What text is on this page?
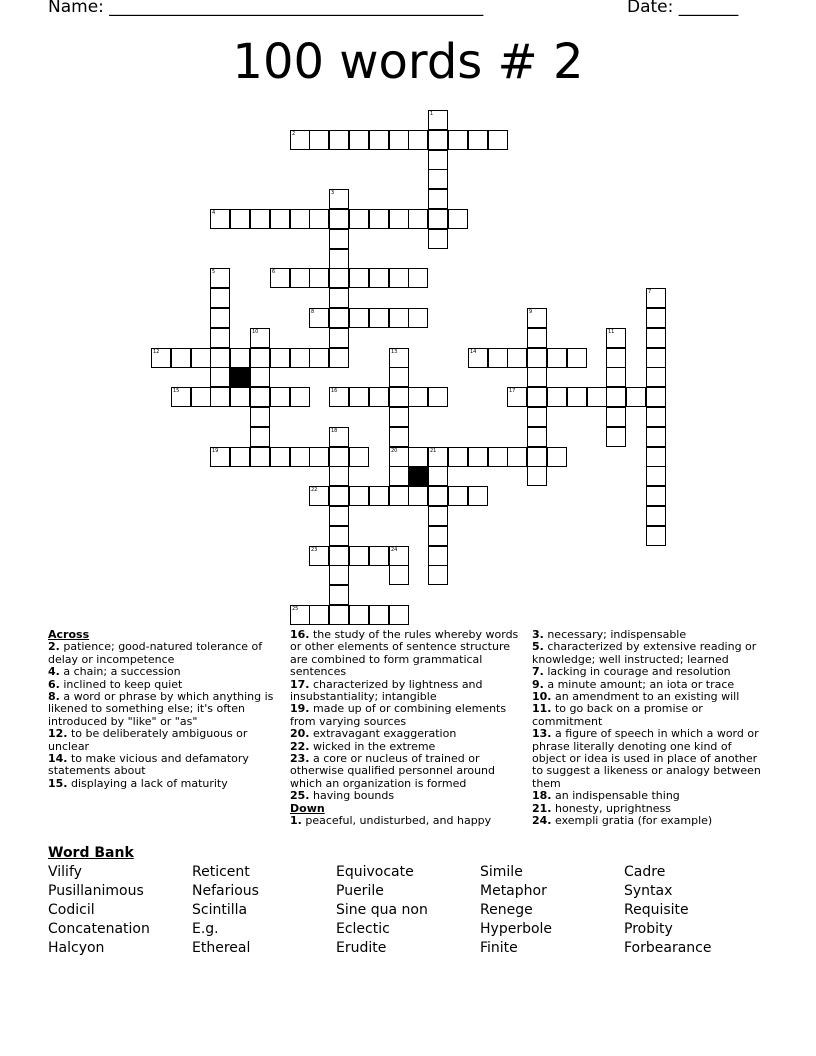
Name: ____________________________________________	Date: _______
100 words # 2
1
2
3
4
5	6
7
8	9
10	11
12	13
20
14
15	16	17
18
19	21
22
23	24
25
Across
2. patience; good-natured tolerance of delay or incompetence
4. a chain; a succession
6. inclined to keep quiet
8. a word or phrase by which anything is likened to something else; it's often introduced by "like" or "as"
12. to be deliberately ambiguous or unclear
14. to make vicious and defamatory statements about
15. displaying a lack of maturity
16. the study of the rules whereby words or other elements of sentence structure are combined to form grammatical sentences
17. characterized by lightness and insubstantiality; intangible
19. made up of or combining elements from varying sources
20. extravagant exaggeration
22. wicked in the extreme
23. a core or nucleus of trained or otherwise qualified personnel around which an organization is formed
25. having bounds
Down
1. peaceful, undisturbed, and happy
3. necessary; indispensable
5. characterized by extensive reading or knowledge; well instructed; learned
7. lacking in courage and resolution
9. a minute amount; an iota or trace
10. an amendment to an existing will
11. to go back on a promise or commitment
13. a figure of speech in which a word or phrase literally denoting one kind of object or idea is used in place of another to suggest a likeness or analogy between them
18. an indispensable thing
21. honesty, uprightness
24. exempli gratia (for example)
Word Bank
Vilify
Pusillanimous
Codicil
Concatenation
Halcyon
Reticent
Nefarious
Scintilla
E.g.
Ethereal
Equivocate
Puerile
Sine qua non
Eclectic
Erudite
Simile
Metaphor
Renege
Hyperbole
Finite
Cadre
Syntax
Requisite
Probity
Forbearance
